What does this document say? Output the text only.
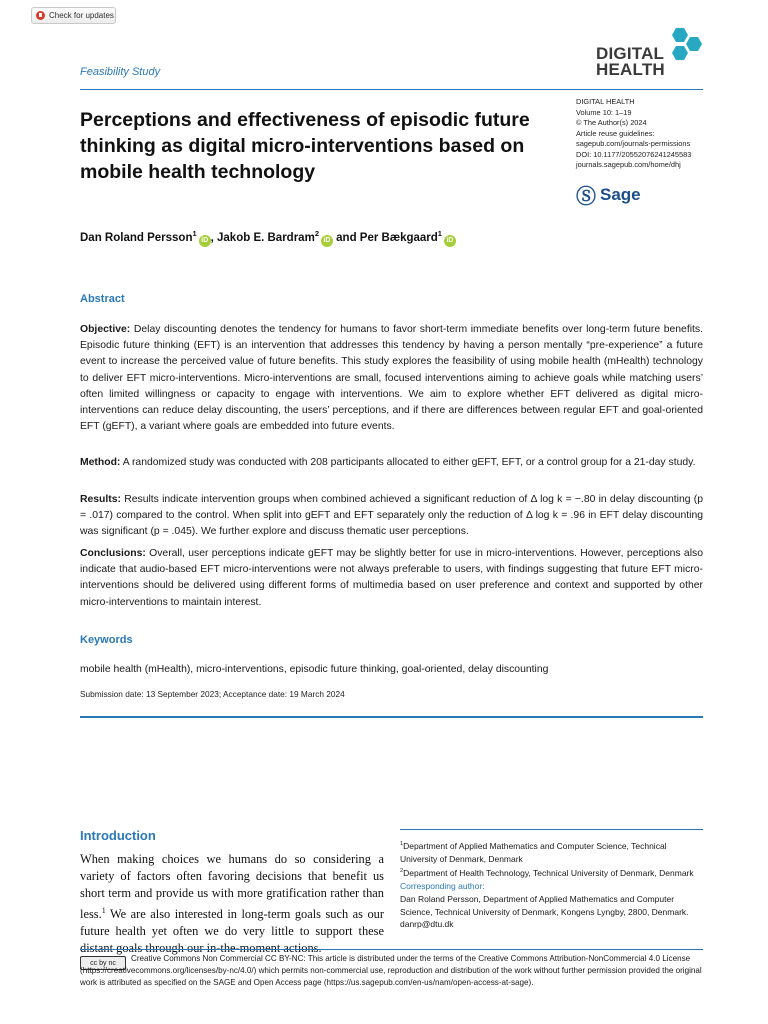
Check for updates
DIGITAL
HEALTH
Feasibility Study
DIGITAL HEALTH
Volume 10: 1–19
© The Author(s) 2024
Article reuse guidelines:
sagepub.com/journals-permissions
DOI: 10.1177/20552076241245583
journals.sagepub.com/home/dhj
Ⓢ Sage
Perceptions and effectiveness of episodic future thinking as digital micro-interventions based on mobile health technology
Dan Roland Persson$^1$iD , Jakob E. Bardram$^2$iD and Per Bækgaard$^1$iD
Abstract
Objective: Delay discounting denotes the tendency for humans to favor short-term immediate benefits over long-term future benefits. Episodic future thinking (EFT) is an intervention that addresses this tendency by having a person mentally “pre-experience” a future event to increase the perceived value of future benefits. This study explores the feasibility of using mobile health (mHealth) technology to deliver EFT micro-interventions. Micro-interventions are small, focused interventions aiming to achieve goals while matching users’ often limited willingness or capacity to engage with interventions. We aim to explore whether EFT delivered as digital micro-interventions can reduce delay discounting, the users’ perceptions, and if there are differences between regular EFT and goal-oriented EFT (gEFT), a variant where goals are embedded into future events.
Method: A randomized study was conducted with 208 participants allocated to either gEFT, EFT, or a control group for a 21-day study.
Results: Results indicate intervention groups when combined achieved a significant reduction of Δ log k = −.80 in delay discounting (p = .017) compared to the control. When split into gEFT and EFT separately only the reduction of Δ log k = .96 in EFT delay discounting was significant (p = .045). We further explore and discuss thematic user perceptions.
Conclusions: Overall, user perceptions indicate gEFT may be slightly better for use in micro-interventions. However, perceptions also indicate that audio-based EFT micro-interventions were not always preferable to users, with findings suggesting that future EFT micro-interventions should be delivered using different forms of multimedia based on user preference and context and supported by other micro-interventions to maintain interest.
Keywords
mobile health (mHealth), micro-interventions, episodic future thinking, goal-oriented, delay discounting
Submission date: 13 September 2023; Acceptance date: 19 March 2024
Introduction
When making choices we humans do so considering a variety of factors often favoring decisions that benefit us short term and provide us with more gratification rather than less.$^1$ We are also interested in long-term goals such as our future health yet often we do very little to support these
$^1$Department of Applied Mathematics and Computer Science, Technical University of Denmark, Denmark
$^2$Department of Health Technology, Technical University of Denmark, Denmark
Corresponding author:
Dan Roland Persson, Department of Applied Mathematics and Computer Science, Technical University of Denmark, Kongens Lyngby, 2800, Denmark.
danrp@dtu.dk
cc by nc	Creative Commons Non Commercial CC BY-NC: This article is distributed under the terms of the Creative Commons Attribution-NonCommercial 4.0 License (https://creativecommons.org/licenses/by-nc/4.0/) which permits non-commercial use, reproduction and distribution of the work without further permission provided the original work is attributed as specified on the SAGE and Open Access page (https://us.sagepub.com/en-us/nam/open-access-at-sage).
